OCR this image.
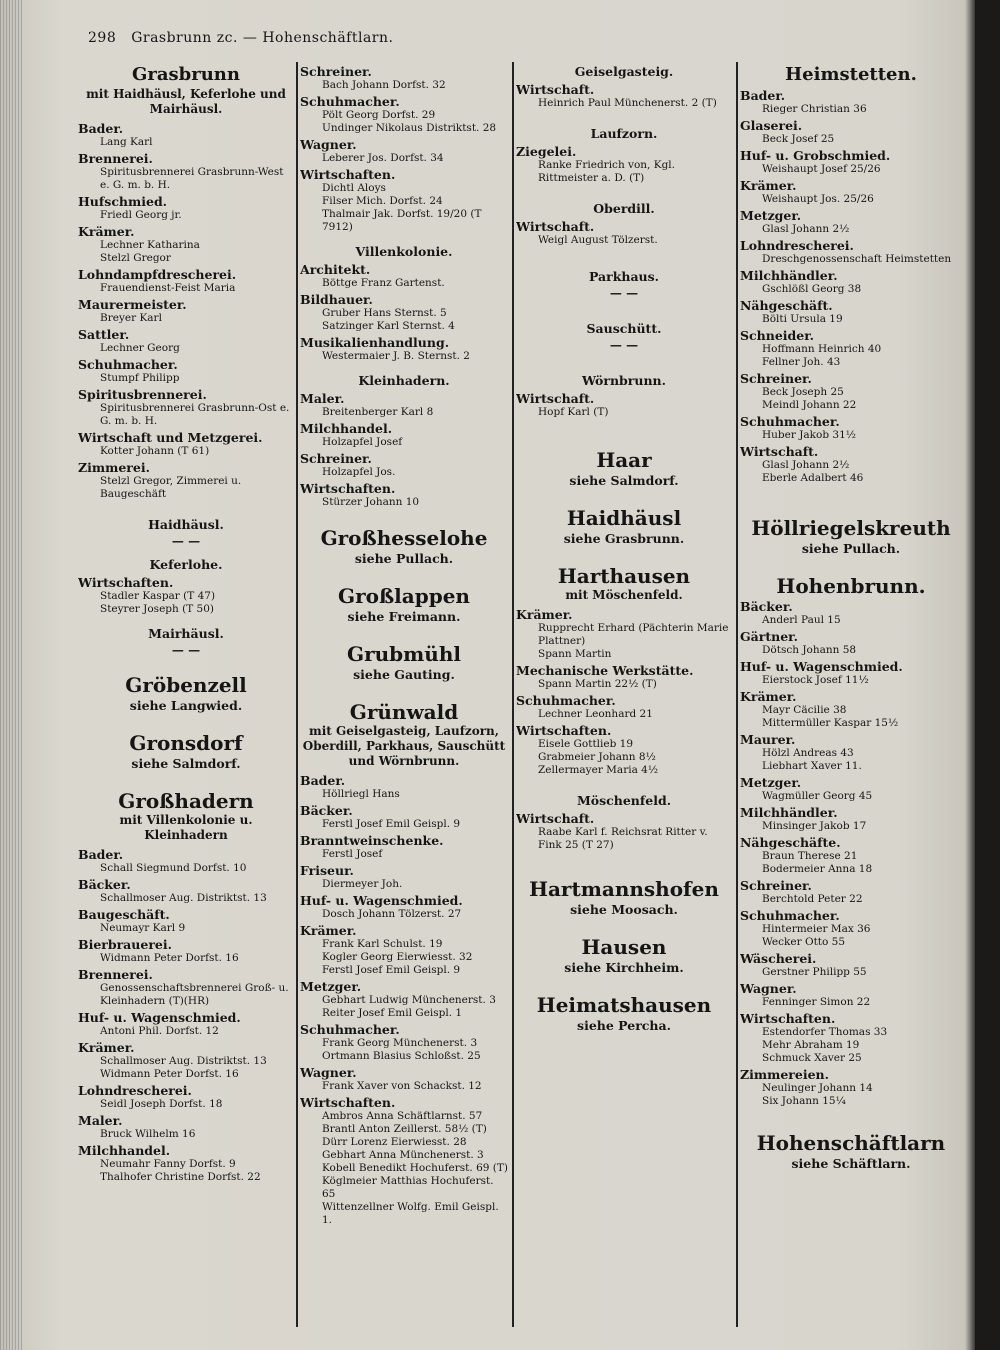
298 Grasbrunn zc. — Hohenschäftlarn.
Grasbrunn
mit Haidhäusl, Keferlohe und Mairhäusl.
Bader.
Lang Karl
Brennerei.
Spiritusbrennerei Grasbrunn-West e. G. m. b. H.
Hufschmied.
Friedl Georg jr.
Krämer.
Lechner Katharina
Stelzl Gregor
Lohndampfdrescherei.
Frauendienst-Feist Maria
Maurermeister.
Breyer Karl
Sattler.
Lechner Georg
Schuhmacher.
Stumpf Philipp
Spiritusbrennerei.
Spiritusbrennerei Grasbrunn-Ost e. G. m. b. H.
Wirtschaft und Metzgerei.
Kotter Johann (T 61)
Zimmerei.
Stelzl Gregor, Zimmerei u. Baugeschäft
Haidhäusl.
— —
Keferlohe.
Wirtschaften.
Stadler Kaspar (T 47)
Steyrer Joseph (T 50)
Mairhäusl.
— —
Gröbenzell
siehe Langwied.
Gronsdorf
siehe Salmdorf.
Großhadern
mit Villenkolonie u. Kleinhadern
Bader.
Schall Siegmund Dorfst. 10
Bäcker.
Schallmoser Aug. Distriktst. 13
Baugeschäft.
Neumayr Karl 9
Bierbrauerei.
Widmann Peter Dorfst. 16
Brennerei.
Genossenschaftsbrennerei Groß- u. Kleinhadern (T)(HR)
Huf- u. Wagenschmied.
Antoni Phil. Dorfst. 12
Krämer.
Schallmoser Aug. Distriktst. 13
Widmann Peter Dorfst. 16
Lohndrescherei.
Seidl Joseph Dorfst. 18
Maler.
Bruck Wilhelm 16
Milchhandel.
Neumahr Fanny Dorfst. 9
Thalhofer Christine Dorfst. 22
Schreiner.
Bach Johann Dorfst. 32
Schuhmacher.
Pölt Georg Dorfst. 29
Undinger Nikolaus Distriktst. 28
Wagner.
Leberer Jos. Dorfst. 34
Wirtschaften.
Dichtl Aloys
Filser Mich. Dorfst. 24
Thalmair Jak. Dorfst. 19/20 (T 7912)
Villenkolonie.
Architekt.
Böttge Franz Gartenst.
Bildhauer.
Gruber Hans Sternst. 5
Satzinger Karl Sternst. 4
Musikalienhandlung.
Westermaier J. B. Sternst. 2
Kleinhadern.
Maler.
Breitenberger Karl 8
Milchhandel.
Holzapfel Josef
Schreiner.
Holzapfel Jos.
Wirtschaften.
Stürzer Johann 10
Großhesselohe
siehe Pullach.
Großlappen
siehe Freimann.
Grubmühl
siehe Gauting.
Grünwald
mit Geiselgasteig, Laufzorn, Oberdill, Parkhaus, Sauschütt und Wörnbrunn.
Bader.
Höllriegl Hans
Bäcker.
Ferstl Josef Emil Geispl. 9
Branntweinschenke.
Ferstl Josef
Friseur.
Diermeyer Joh.
Huf- u. Wagenschmied.
Dosch Johann Tölzerst. 27
Krämer.
Frank Karl Schulst. 19
Kogler Georg Eierwiesst. 32
Ferstl Josef Emil Geispl. 9
Metzger.
Gebhart Ludwig Münchenerst. 3
Reiter Josef Emil Geispl. 1
Schuhmacher.
Frank Georg Münchenerst. 3
Ortmann Blasius Schloßst. 25
Wagner.
Frank Xaver von Schackst. 12
Wirtschaften.
Ambros Anna Schäftlarnst. 57
Brantl Anton Zeillerst. 58½ (T)
Dürr Lorenz Eierwiesst. 28
Gebhart Anna Münchenerst. 3
Kobell Benedikt Hochuferst. 69 (T)
Köglmeier Matthias Hochuferst. 65
Wittenzellner Wolfg. Emil Geispl. 1.
Geiselgasteig.
Wirtschaft.
Heinrich Paul Münchenerst. 2 (T)
Laufzorn.
Ziegelei.
Ranke Friedrich von, Kgl. Rittmeister a. D. (T)
Oberdill.
Wirtschaft.
Weigl August Tölzerst.
Parkhaus.
— —
Sauschütt.
— —
Wörnbrunn.
Wirtschaft.
Hopf Karl (T)
Haar
siehe Salmdorf.
Haidhäusl
siehe Grasbrunn.
Harthausen
mit Möschenfeld.
Krämer.
Rupprecht Erhard (Pächterin Marie Plattner)
Spann Martin
Mechanische Werkstätte.
Spann Martin 22½ (T)
Schuhmacher.
Lechner Leonhard 21
Wirtschaften.
Eisele Gottlieb 19
Grabmeier Johann 8½
Zellermayer Maria 4½
Möschenfeld.
Wirtschaft.
Raabe Karl f. Reichsrat Ritter v. Fink 25 (T 27)
Hartmannshofen
siehe Moosach.
Hausen
siehe Kirchheim.
Heimatshausen
siehe Percha.
Heimstetten.
Bader.
Rieger Christian 36
Glaserei.
Beck Josef 25
Huf- u. Grobschmied.
Weishaupt Josef 25/26
Krämer.
Weishaupt Jos. 25/26
Metzger.
Glasl Johann 2½
Lohndrescherei.
Dreschgenossenschaft Heimstetten
Milchhändler.
Gschlößl Georg 38
Nähgeschäft.
Bölti Ursula 19
Schneider.
Hoffmann Heinrich 40
Fellner Joh. 43
Schreiner.
Beck Joseph 25
Meindl Johann 22
Schuhmacher.
Huber Jakob 31½
Wirtschaft.
Glasl Johann 2½
Eberle Adalbert 46
Höllriegelskreuth
siehe Pullach.
Hohenbrunn.
Bäcker.
Anderl Paul 15
Gärtner.
Dötsch Johann 58
Huf- u. Wagenschmied.
Eierstock Josef 11½
Krämer.
Mayr Cäcilie 38
Mittermüller Kaspar 15½
Maurer.
Hölzl Andreas 43
Liebhart Xaver 11.
Metzger.
Wagmüller Georg 45
Milchhändler.
Minsinger Jakob 17
Nähgeschäfte.
Braun Therese 21
Bodermeier Anna 18
Schreiner.
Berchtold Peter 22
Schuhmacher.
Hintermeier Max 36
Wecker Otto 55
Wäscherei.
Gerstner Philipp 55
Wagner.
Fenninger Simon 22
Wirtschaften.
Estendorfer Thomas 33
Mehr Abraham 19
Schmuck Xaver 25
Zimmereien.
Neulinger Johann 14
Six Johann 15¼
Hohenschäftlarn
siehe Schäftlarn.
